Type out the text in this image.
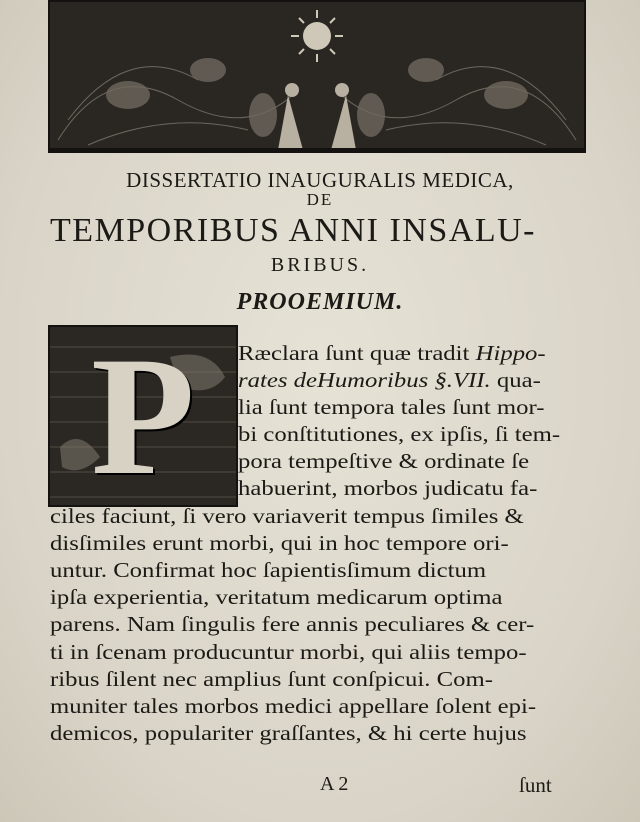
DISSERTATIO INAUGURALIS MEDICA,
DE
TEMPORIBUS ANNI INSALU-
BRIBUS.
PROOEMIUM.
P	Ræclara ſunt quæ tradit Hippo-
rates deHumoribus §.VII. qua-
lia ſunt tempora tales ſunt mor-
bi conſtitutiones, ex ipſis, ſi tem-
pora tempeſtive & ordinate ſe
habuerint, morbos judicatu fa-
ciles faciunt, ſi vero variaverit tempus ſimiles &
disſimiles erunt morbi, qui in hoc tempore ori-
untur. Confirmat hoc ſapientisſimum dictum
ipſa experientia, veritatum medicarum optima
parens. Nam ſingulis fere annis peculiares & cer-
ti in ſcenam producuntur morbi, qui aliis tempo-
ribus ſilent nec amplius ſunt conſpicui. Com-
muniter tales morbos medici appellare ſolent epi-
demicos, populariter graſſantes, & hi certe hujus
A 2	ſunt
